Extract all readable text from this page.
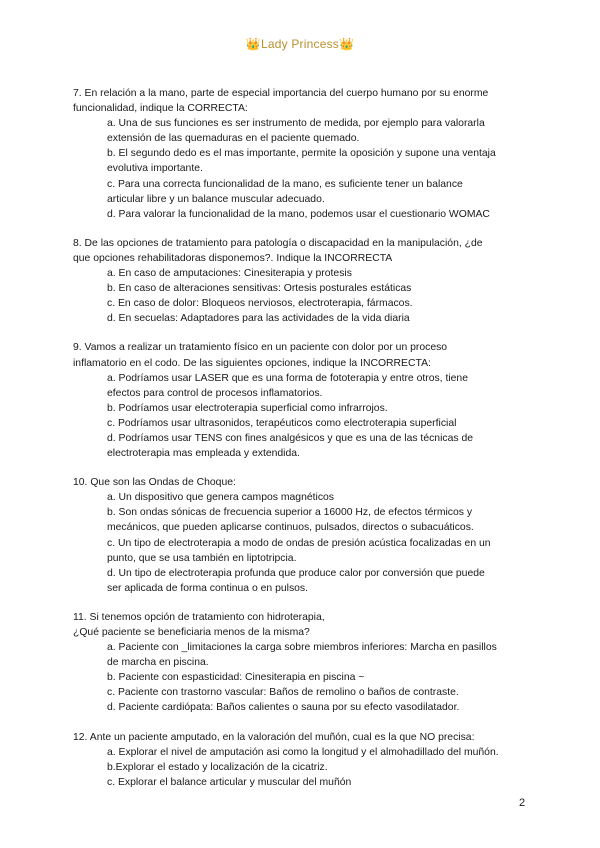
👑Lady Princess👑

7. En relación a la mano, parte de especial importancia del cuerpo humano por su enorme

funcionalidad, indique la CORRECTA:

a. Una de sus funciones es ser instrumento de medida, por ejemplo para valorarla

extensión de las quemaduras en el paciente quemado.

b. El segundo dedo es el mas importante, permite la oposición y supone una ventaja

evolutiva importante.

c. Para una correcta funcionalidad de la mano, es suficiente tener un balance

articular libre y un balance muscular adecuado.

d. Para valorar la funcionalidad de la mano, podemos usar el cuestionario WOMAC

8. De las opciones de tratamiento para patología o discapacidad en la manipulación, ¿de

que opciones rehabilitadoras disponemos?. Indique la INCORRECTA

a. En caso de amputaciones: Cinesiterapia y protesis

b. En caso de alteraciones sensitivas: Ortesis posturales estáticas

c. En caso de dolor: Bloqueos nerviosos, electroterapia, fármacos.

d. En secuelas: Adaptadores para las actividades de la vida diaria

9. Vamos a realizar un tratamiento físico en un paciente con dolor por un proceso

inflamatorio en el codo. De las siguientes opciones, indique la INCORRECTA:

a. Podríamos usar LASER que es una forma de fototerapia y entre otros, tiene

efectos para control de procesos inflamatorios.

b. Podríamos usar electroterapia superficial como infrarrojos.

c. Podríamos usar ultrasonidos, terapéuticos como electroterapia superficial

d. Podríamos usar TENS con fines analgésicos y que es una de las técnicas de

electroterapia mas empleada y extendida.

10. Que son las Ondas de Choque:

a. Un dispositivo que genera campos magnéticos

b. Son ondas sónicas de frecuencia superior a 16000 Hz, de efectos térmicos y

mecánicos, que pueden aplicarse continuos, pulsados, directos o subacuáticos.

c. Un tipo de electroterapia a modo de ondas de presión acústica focalizadas en un

punto, que se usa también en liptotripcia.

d. Un tipo de electroterapia profunda que produce calor por conversión que puede

ser aplicada de forma continua o en pulsos.

11. Si tenemos opción de tratamiento con hidroterapia,

¿Qué paciente se beneficiaria menos de la misma?

a. Paciente con _limitaciones la carga sobre miembros inferiores: Marcha en pasillos

de marcha en piscina.

b. Paciente con espasticidad: Cinesiterapia en piscina ~

c. Paciente con trastorno vascular: Baños de remolino o baños de contraste.

d. Paciente cardiópata: Baños calientes o sauna por su efecto vasodilatador.

12. Ante un paciente amputado, en la valoración del muñón, cual es la que NO precisa:

a. Explorar el nivel de amputación asi como la longitud y el almohadillado del muñón.

b.Explorar el estado y localización de la cicatriz.

c. Explorar el balance articular y muscular del muñón

2
